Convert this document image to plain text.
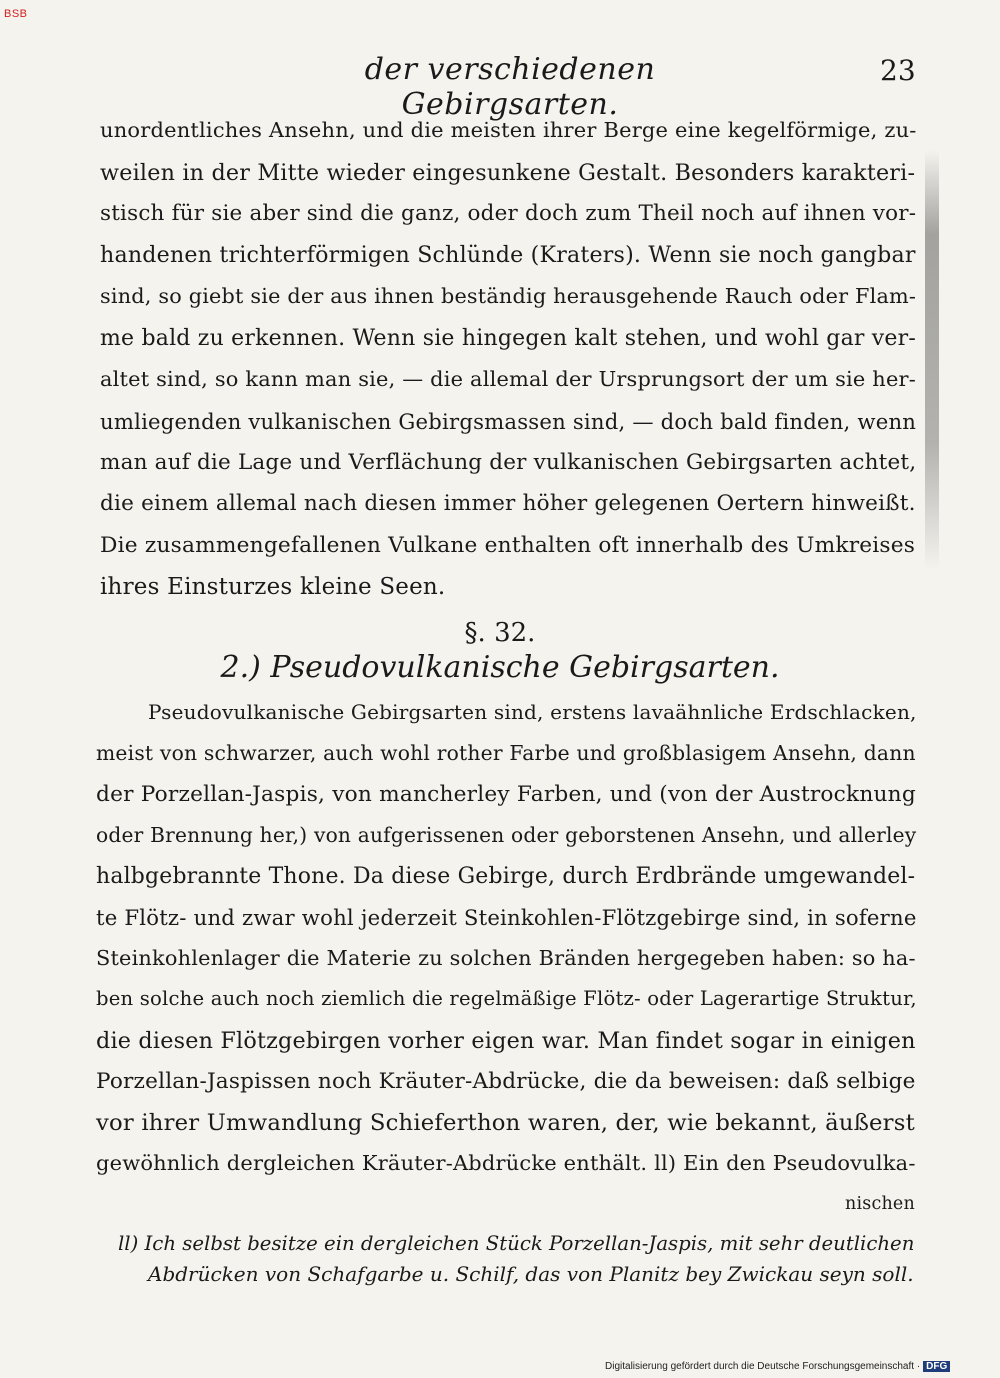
BSB
der verschiedenen Gebirgsarten.
23
unordentliches Ansehn, und die meisten ihrer Berge eine kegelförmige, zu-
weilen in der Mitte wieder eingesunkene Gestalt. Besonders karakteri-
stisch für sie aber sind die ganz, oder doch zum Theil noch auf ihnen vor-
handenen trichterförmigen Schlünde (Kraters). Wenn sie noch gangbar
sind, so giebt sie der aus ihnen beständig herausgehende Rauch oder Flam-
me bald zu erkennen. Wenn sie hingegen kalt stehen, und wohl gar ver-
altet sind, so kann man sie, — die allemal der Ursprungsort der um sie her-
umliegenden vulkanischen Gebirgsmassen sind, — doch bald finden, wenn
man auf die Lage und Verflächung der vulkanischen Gebirgsarten achtet,
die einem allemal nach diesen immer höher gelegenen Oertern hinweißt.
Die zusammengefallenen Vulkane enthalten oft innerhalb des Umkreises
ihres Einsturzes kleine Seen.
§. 32.
2.) Pseudovulkanische Gebirgsarten.
Pseudovulkanische Gebirgsarten sind, erstens lavaähnliche Erdschlacken,
meist von schwarzer, auch wohl rother Farbe und großblasigem Ansehn, dann
der Porzellan-Jaspis, von mancherley Farben, und (von der Austrocknung
oder Brennung her,) von aufgerissenen oder geborstenen Ansehn, und allerley
halbgebrannte Thone. Da diese Gebirge, durch Erdbrände umgewandel-
te Flötz- und zwar wohl jederzeit Steinkohlen-Flötzgebirge sind, in soferne
Steinkohlenlager die Materie zu solchen Bränden hergegeben haben: so ha-
ben solche auch noch ziemlich die regelmäßige Flötz- oder Lagerartige Struktur,
die diesen Flötzgebirgen vorher eigen war. Man findet sogar in einigen
Porzellan-Jaspissen noch Kräuter-Abdrücke, die da beweisen: daß selbige
vor ihrer Umwandlung Schieferthon waren, der, wie bekannt, äußerst
gewöhnlich dergleichen Kräuter-Abdrücke enthält. ll) Ein den Pseudovulka-
nischen
ll) Ich selbst besitze ein dergleichen Stück Porzellan-Jaspis, mit sehr deutlichen
Abdrücken von Schafgarbe u. Schilf, das von Planitz bey Zwickau seyn soll.
Digitalisierung gefördert durch die Deutsche Forschungsgemeinschaft · DFG
